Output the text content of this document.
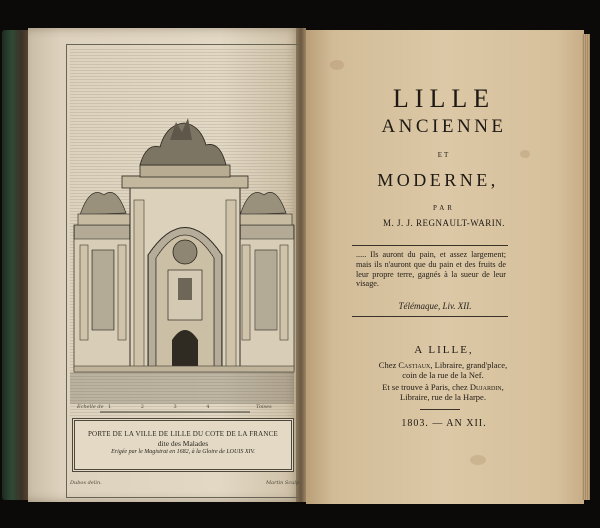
Echelle de 1 2 3 4	Toises
PORTE DE LA VILLE DE LILLE DU COTE DE LA FRANCE
dite des Malades
Erigée par le Magistrat en 1682, à la Gloire de LOUIS XIV.
Dubos delin.	Martin Sculp.
LILLE
ANCIENNE
ET
MODERNE,
PAR
M. J. J. REGNAULT-WARIN.
..... Ils auront du pain, et assez largement; mais ils n'auront que du pain et des fruits de leur propre terre, gagnés à la sueur de leur visage.
Télémaque, Liv. XII.
A LILLE,
Chez Castiaux, Libraire, grand'place,
coin de la rue de la Nef.
Et se trouve à Paris, chez Dujardin,
Libraire, rue de la Harpe.
1803. — AN XII.
